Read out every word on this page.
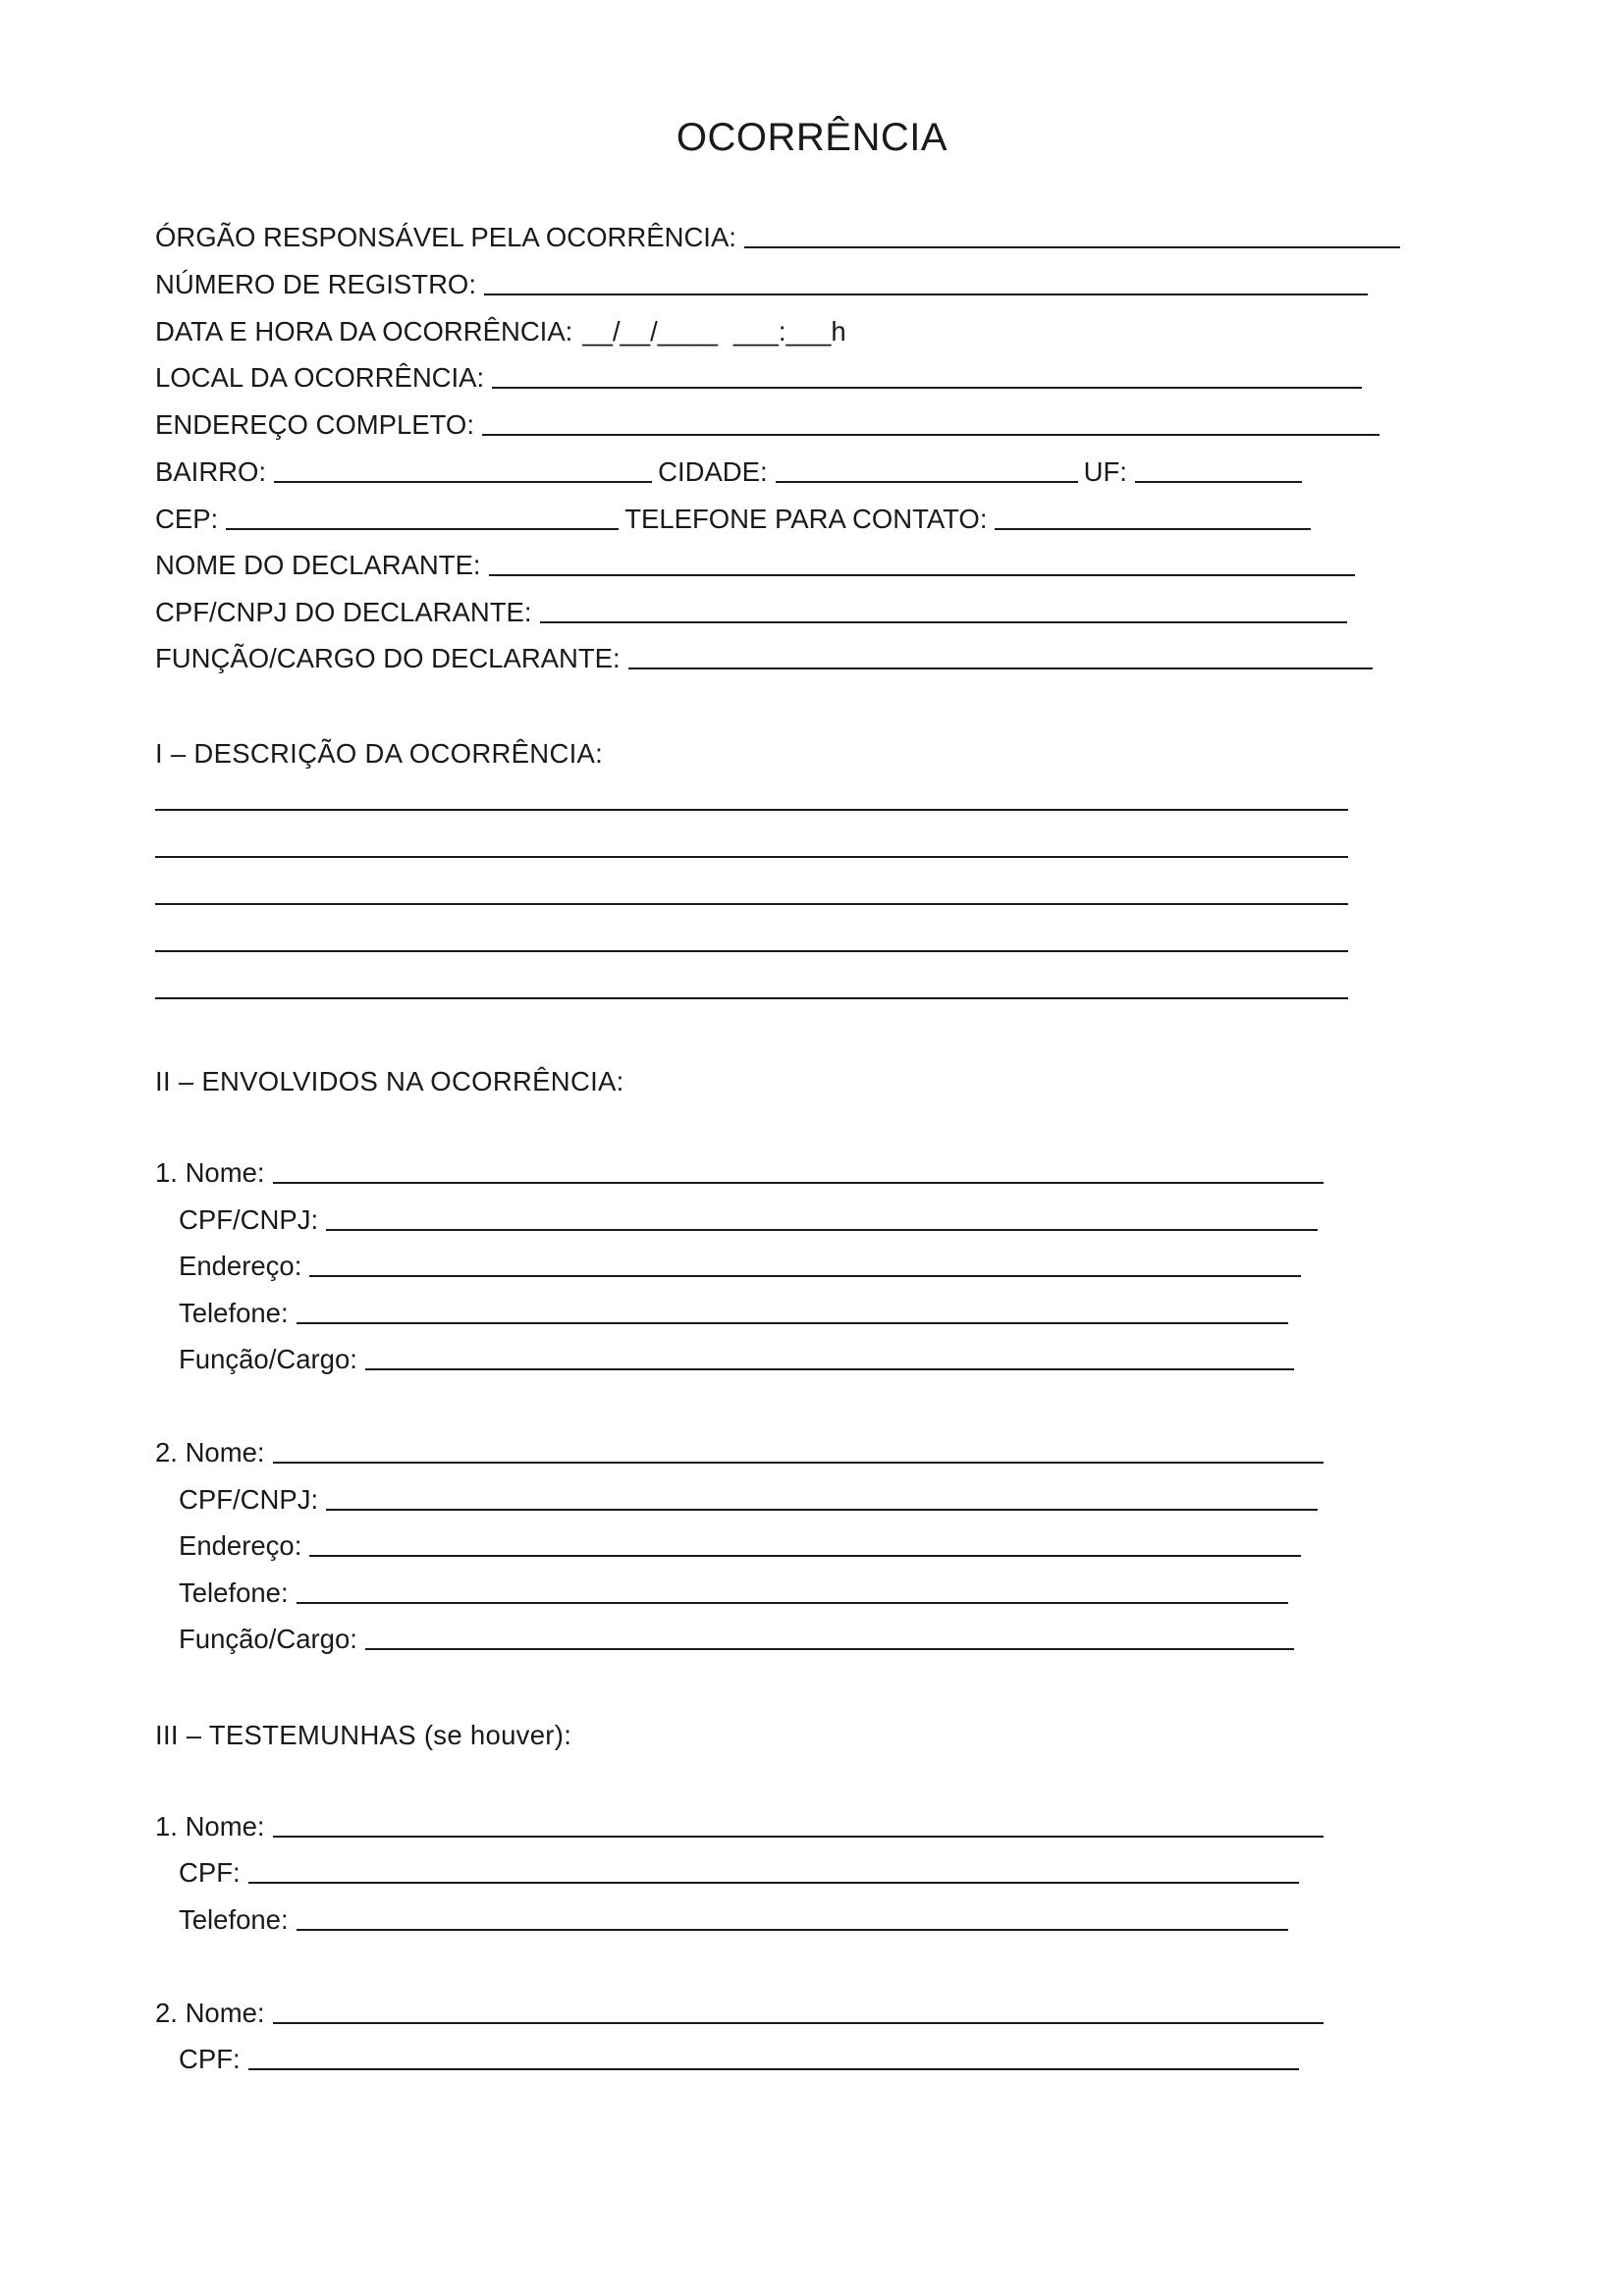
OCORRÊNCIA
ÓRGÃO RESPONSÁVEL PELA OCORRÊNCIA:
NÚMERO DE REGISTRO:
DATA E HORA DA OCORRÊNCIA: __/__/____ ___:___h
LOCAL DA OCORRÊNCIA:
ENDEREÇO COMPLETO:
BAIRRO:	CIDADE:	UF:
CEP:	TELEFONE PARA CONTATO:
NOME DO DECLARANTE:
CPF/CNPJ DO DECLARANTE:
FUNÇÃO/CARGO DO DECLARANTE:
I – DESCRIÇÃO DA OCORRÊNCIA:
II – ENVOLVIDOS NA OCORRÊNCIA:
1. Nome:
CPF/CNPJ:
Endereço:
Telefone:
Função/Cargo:
2. Nome:
CPF/CNPJ:
Endereço:
Telefone:
Função/Cargo:
III – TESTEMUNHAS (se houver):
1. Nome:
CPF:
Telefone:
2. Nome:
CPF:
